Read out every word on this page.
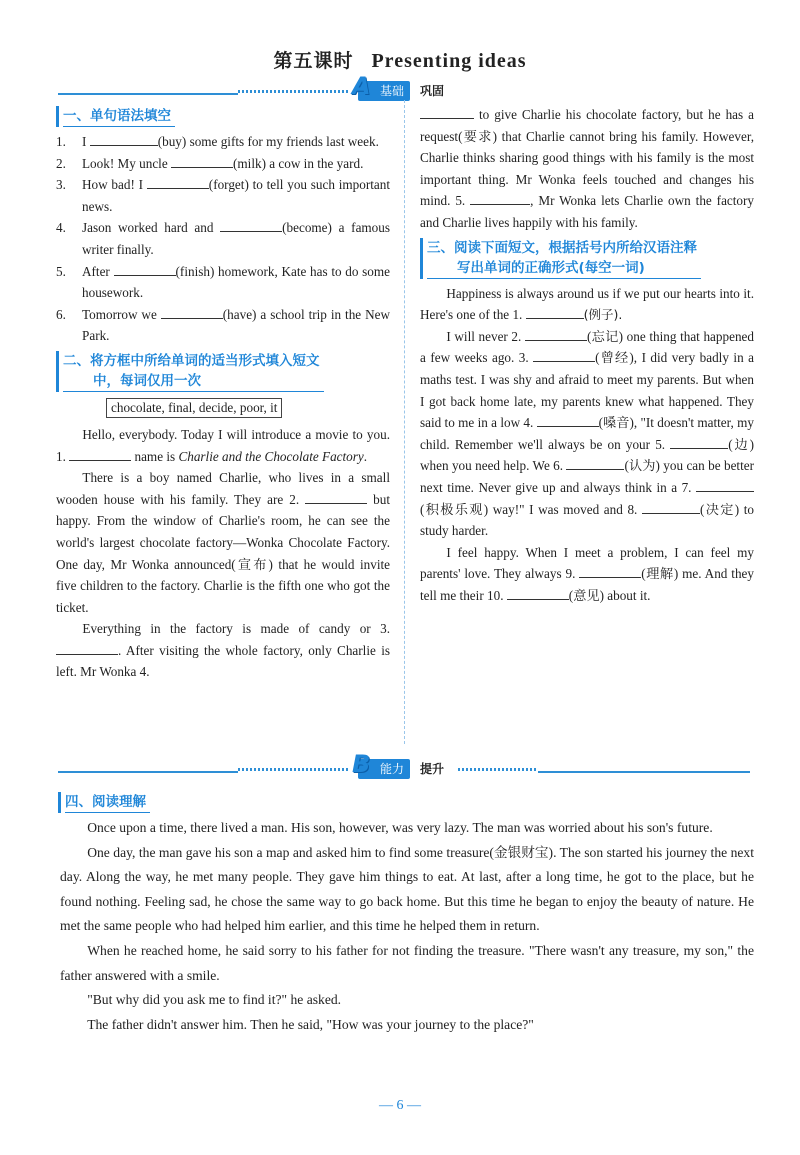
第五课时 Presenting ideas
A 基础	巩固
一、单句语法填空
1.	I	(buy) some gifts for my friends last week.
2.	Look! My uncle	(milk) a cow in the yard.
3.	How bad! I	(forget) to tell you such important news.
4.	Jason worked hard and	(become) a famous writer finally.
5.	After	(finish) homework, Kate has to do some housework.
6.	Tomorrow we	(have) a school trip in the New Park.
二、将方框中所给单词的适当形式填入短文
中，每词仅用一次
chocolate, final, decide, poor, it

Hello, everybody. Today I will introduce a movie to you. 1.	name is Charlie and the Chocolate Factory.

There is a boy named Charlie, who lives in a small wooden house with his family. They are 2.	but happy. From the window of Charlie's room, he can see the world's largest chocolate factory—Wonka Chocolate Factory. One day, Mr Wonka announced(宣布) that he would invite five children to the factory. Charlie is the fifth one who got the ticket.

Everything in the factory is made of candy or 3. . After visiting the whole factory, only Charlie is left. Mr Wonka 4.

to give Charlie his chocolate factory, but he has a request(要求) that Charlie cannot bring his family. However, Charlie thinks sharing good things with his family is the most important thing. Mr Wonka feels touched and changes his mind. 5.	, Mr Wonka lets Charlie own the factory and Charlie lives happily with his family.

三、阅读下面短文，根据括号内所给汉语注释
写出单词的正确形式(每空一词)

Happiness is always around us if we put our hearts into it. Here's one of the 1.	(例子).

I will never 2.	(忘记) one thing that happened a few weeks ago. 3.	(曾经), I did very badly in a maths test. I was shy and afraid to meet my parents. But when I got back home late, my parents knew what happened. They said to me in a low 4.	(嗓音), "It doesn't matter, my child. Remember we'll always be on your 5.	(边) when you need help. We 6.	(认为) you can be better next time. Never give up and always think in a 7. (积极乐观) way!" I was moved and 8.	(决定) to study harder.

I feel happy. When I meet a problem, I can feel my parents' love. They always 9.	(理解) me. And they tell me their 10.	(意见) about it.

B 能力	提升
四、阅读理解

Once upon a time, there lived a man. His son, however, was very lazy. The man was worried about his son's future.

One day, the man gave his son a map and asked him to find some treasure(金银财宝). The son started his journey the next day. Along the way, he met many people. They gave him things to eat. At last, after a long time, he got to the place, but he found nothing. Feeling sad, he chose the same way to go back home. But this time he began to enjoy the beauty of nature. He met the same people who had helped him earlier, and this time he helped them in return.

When he reached home, he said sorry to his father for not finding the treasure. "There wasn't any treasure, my son," the father answered with a smile.

"But why did you ask me to find it?" he asked.

The father didn't answer him. Then he said, "How was your journey to the place?"

— 6 —
